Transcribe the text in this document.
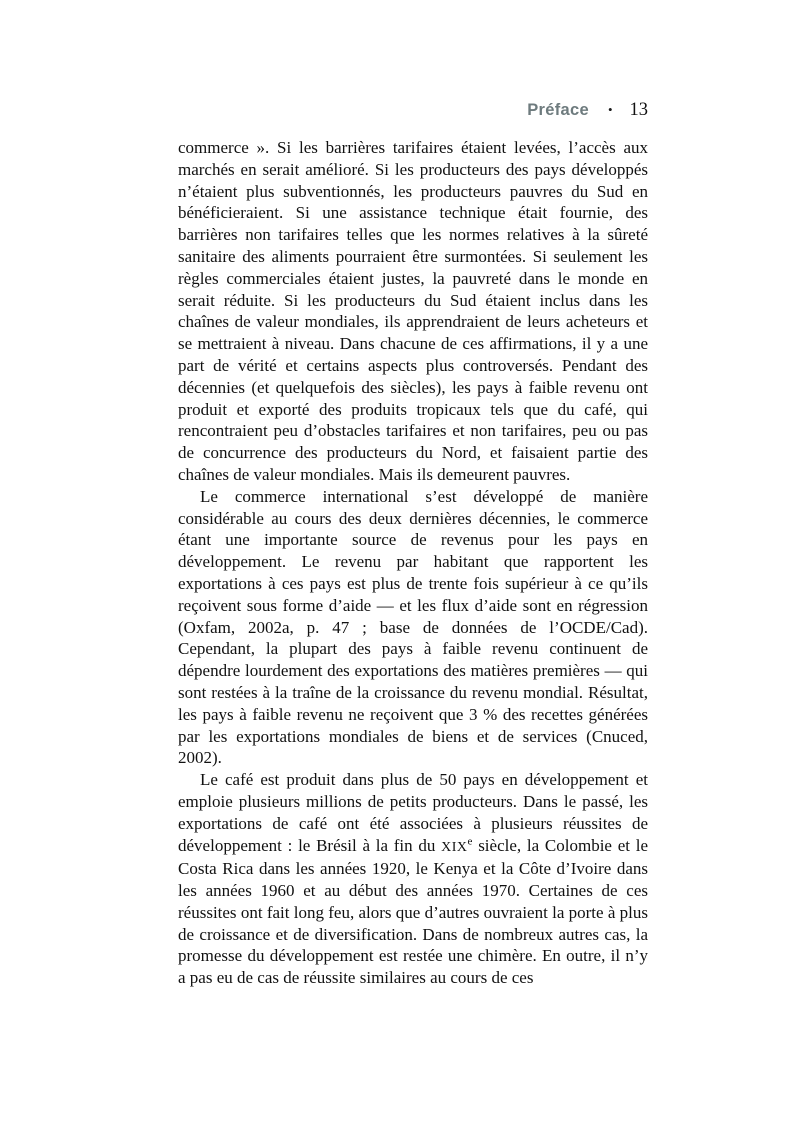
Préface • 13

commerce ». Si les barrières tarifaires étaient levées, l’accès aux marchés en serait amélioré. Si les producteurs des pays développés n’étaient plus subventionnés, les producteurs pauvres du Sud en bénéficieraient. Si une assistance technique était fournie, des barrières non tarifaires telles que les normes relatives à la sûreté sanitaire des aliments pourraient être surmontées. Si seulement les règles commerciales étaient justes, la pauvreté dans le monde en serait réduite. Si les producteurs du Sud étaient inclus dans les chaînes de valeur mondiales, ils apprendraient de leurs acheteurs et se mettraient à niveau. Dans chacune de ces affirmations, il y a une part de vérité et certains aspects plus controversés. Pendant des décennies (et quelquefois des siècles), les pays à faible revenu ont produit et exporté des produits tropicaux tels que du café, qui rencontraient peu d’obstacles tarifaires et non tarifaires, peu ou pas de concurrence des producteurs du Nord, et faisaient partie des chaînes de valeur mondiales. Mais ils demeurent pauvres.

Le commerce international s’est développé de manière considérable au cours des deux dernières décennies, le commerce étant une importante source de revenus pour les pays en développement. Le revenu par habitant que rapportent les exportations à ces pays est plus de trente fois supérieur à ce qu’ils reçoivent sous forme d’aide — et les flux d’aide sont en régression (Oxfam, 2002a, p. 47 ; base de données de l’OCDE/Cad). Cependant, la plupart des pays à faible revenu continuent de dépendre lourdement des exportations des matières premières — qui sont restées à la traîne de la croissance du revenu mondial. Résultat, les pays à faible revenu ne reçoivent que 3 % des recettes générées par les exportations mondiales de biens et de services (Cnuced, 2002).

Le café est produit dans plus de 50 pays en développement et emploie plusieurs millions de petits producteurs. Dans le passé, les exportations de café ont été associées à plusieurs réussites de développement : le Brésil à la fin du XIXe siècle, la Colombie et le Costa Rica dans les années 1920, le Kenya et la Côte d’Ivoire dans les années 1960 et au début des années 1970. Certaines de ces réussites ont fait long feu, alors que d’autres ouvraient la porte à plus de croissance et de diversification. Dans de nombreux autres cas, la promesse du développement est restée une chimère. En outre, il n’y a pas eu de cas de réussite similaires au cours de ces
